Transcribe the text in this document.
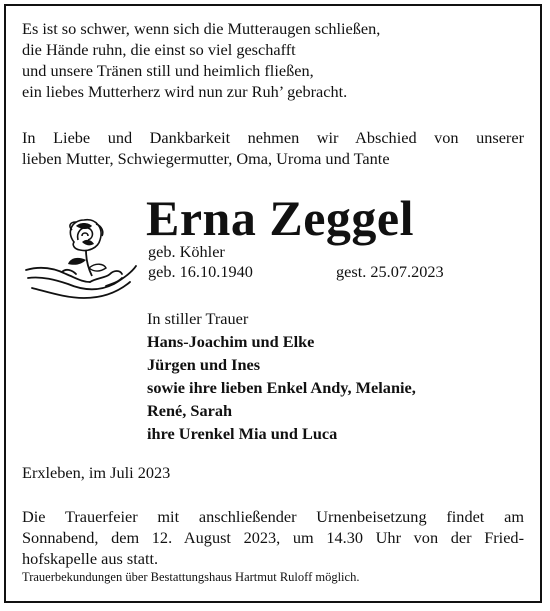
Es ist so schwer, wenn sich die Mutteraugen schließen,
die Hände ruhn, die einst so viel geschafft
und unsere Tränen still und heimlich fließen,
ein liebes Mutterherz wird nun zur Ruh’ gebracht.
In Liebe und Dankbarkeit nehmen wir Abschied von unserer
lieben Mutter, Schwiegermutter, Oma, Uroma und Tante
Erna Zeggel
geb. Köhler
geb. 16.10.1940	gest. 25.07.2023
In stiller Trauer
Hans-Joachim und Elke
Jürgen und Ines
sowie ihre lieben Enkel Andy, Melanie,
René, Sarah
ihre Urenkel Mia und Luca
Erxleben, im Juli 2023
Die Trauerfeier mit anschließender Urnenbeisetzung findet am
Sonnabend, dem 12. August 2023, um 14.30 Uhr von der Fried-
hofskapelle aus statt.
Trauerbekundungen über Bestattungshaus Hartmut Ruloff möglich.
